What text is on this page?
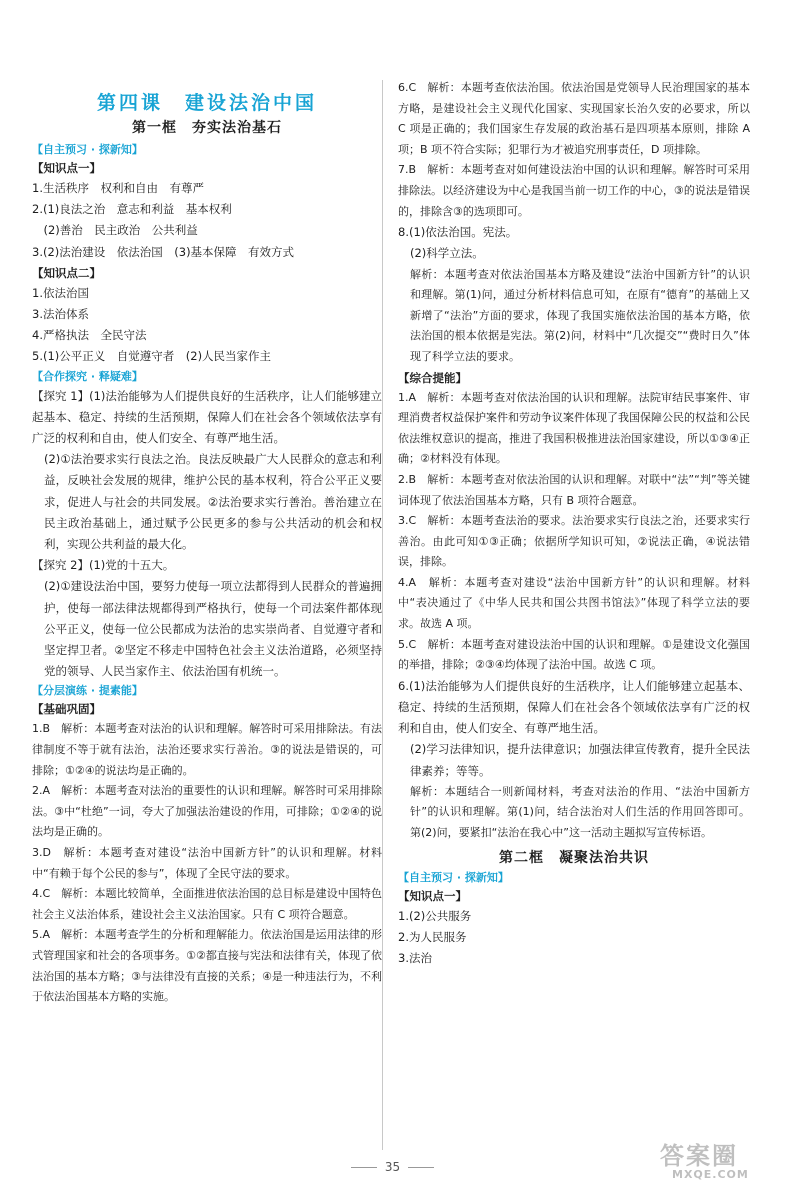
第四课　建设法治中国
第一框　夯实法治基石
【自主预习 · 探新知】
【知识点一】
1.生活秩序　权利和自由　有尊严
2.(1)良法之治　意志和利益　基本权利
　(2)善治　民主政治　公共利益
3.(2)法治建设　依法治国　(3)基本保障　有效方式
【知识点二】
1.依法治国
3.法治体系
4.严格执法　全民守法
5.(1)公平正义　自觉遵守者　(2)人民当家作主
【合作探究 · 释疑难】

【探究 1】(1)法治能够为人们提供良好的生活秩序，让人们能够建立起基本、稳定、持续的生活预期，保障人们在社会各个领域依法享有广泛的权利和自由，使人们安全、有尊严地生活。

(2)①法治要求实行良法之治。良法反映最广大人民群众的意志和利益，反映社会发展的规律，维护公民的基本权利，符合公平正义要求，促进人与社会的共同发展。②法治要求实行善治。善治建立在民主政治基础上，通过赋予公民更多的参与公共活动的机会和权利，实现公共利益的最大化。

【探究 2】(1)党的十五大。

(2)①建设法治中国，要努力使每一项立法都得到人民群众的普遍拥护，使每一部法律法规都得到严格执行，使每一个司法案件都体现公平正义，使每一位公民都成为法治的忠实崇尚者、自觉遵守者和坚定捍卫者。②坚定不移走中国特色社会主义法治道路，必须坚持党的领导、人民当家作主、依法治国有机统一。

【分层演练 · 提素能】
【基础巩固】

1.B　解析：本题考查对法治的认识和理解。解答时可采用排除法。有法律制度不等于就有法治，法治还要求实行善治。③的说法是错误的，可排除；①②④的说法均是正确的。

2.A　解析：本题考查对法治的重要性的认识和理解。解答时可采用排除法。③中“杜绝”一词，夸大了加强法治建设的作用，可排除；①②④的说法均是正确的。

3.D　解析：本题考查对建设“法治中国新方针”的认识和理解。材料中“有赖于每个公民的参与”，体现了全民守法的要求。

4.C　解析：本题比较简单，全面推进依法治国的总目标是建设中国特色社会主义法治体系，建设社会主义法治国家。只有 C 项符合题意。

5.A　解析：本题考查学生的分析和理解能力。依法治国是运用法律的形式管理国家和社会的各项事务。①②都直接与宪法和法律有关，体现了依法治国的基本方略；③与法律没有直接的关系；④是一种违法行为，不利于依法治国基本方略的实施。

6.C　解析：本题考查依法治国。依法治国是党领导人民治理国家的基本方略，是建设社会主义现代化国家、实现国家长治久安的必要求，所以 C 项是正确的；我们国家生存发展的政治基石是四项基本原则，排除 A 项；B 项不符合实际；犯罪行为才被追究刑事责任，D 项排除。

7.B　解析：本题考查对如何建设法治中国的认识和理解。解答时可采用排除法。以经济建设为中心是我国当前一切工作的中心，③的说法是错误的，排除含③的选项即可。

8.(1)依法治国。宪法。

(2)科学立法。

解析：本题考查对依法治国基本方略及建设“法治中国新方针”的认识和理解。第(1)问，通过分析材料信息可知，在原有“德育”的基础上又新增了“法治”方面的要求，体现了我国实施依法治国的基本方略，依法治国的根本依据是宪法。第(2)问，材料中“几次提交”“费时日久”体现了科学立法的要求。

【综合提能】

1.A　解析：本题考查对依法治国的认识和理解。法院审结民事案件、审理消费者权益保护案件和劳动争议案件体现了我国保障公民的权益和公民依法维权意识的提高，推进了我国积极推进法治国家建设，所以①③④正确；②材料没有体现。

2.B　解析：本题考查对依法治国的认识和理解。对联中“法”“判”等关键词体现了依法治国基本方略，只有 B 项符合题意。

3.C　解析：本题考查法治的要求。法治要求实行良法之治，还要求实行善治。由此可知①③正确；依据所学知识可知，②说法正确，④说法错误，排除。

4.A　解析：本题考查对建设“法治中国新方针”的认识和理解。材料中“表决通过了《中华人民共和国公共图书馆法》”体现了科学立法的要求。故选 A 项。

5.C　解析：本题考查对建设法治中国的认识和理解。①是建设文化强国的举措，排除；②③④均体现了法治中国。故选 C 项。

6.(1)法治能够为人们提供良好的生活秩序，让人们能够建立起基本、稳定、持续的生活预期，保障人们在社会各个领域依法享有广泛的权利和自由，使人们安全、有尊严地生活。

(2)学习法律知识，提升法律意识；加强法律宣传教育，提升全民法律素养；等等。

解析：本题结合一则新闻材料，考查对法治的作用、“法治中国新方针”的认识和理解。第(1)问，结合法治对人们生活的作用回答即可。第(2)问，要紧扣“法治在我心中”这一活动主题拟写宣传标语。

第二框　凝聚法治共识
【自主预习 · 探新知】
【知识点一】
1.(2)公共服务
2.为人民服务
3.法治
35	答案圈
MXQE.COM
